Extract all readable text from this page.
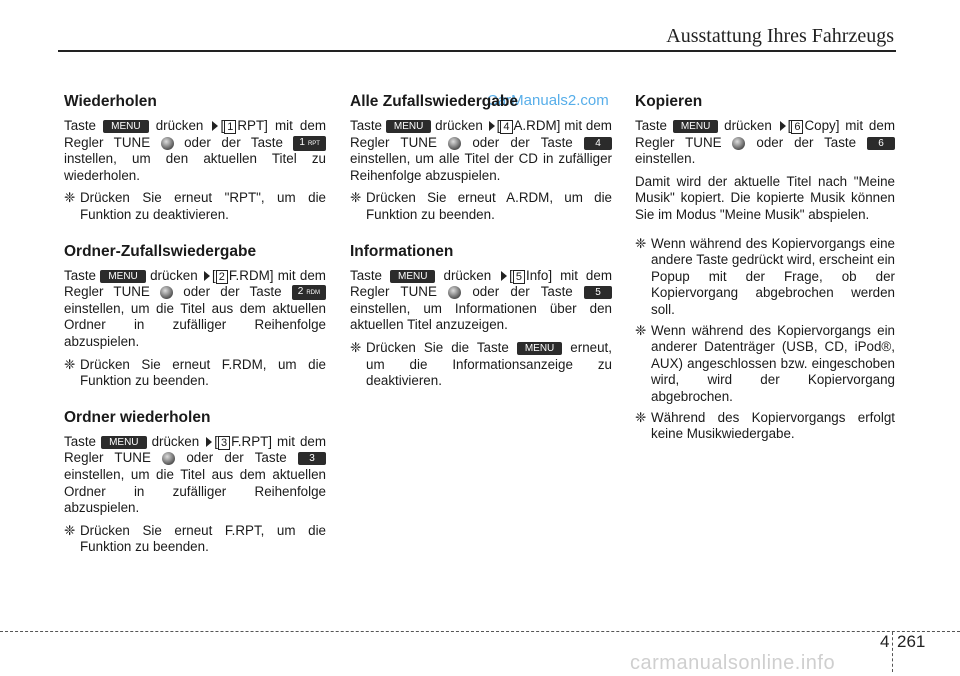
Ausstattung Ihres Fahrzeugs
CarManuals2.com
Wiederholen

Taste MENU drücken [ 1 RPT] mit dem Regler TUNE	oder der Taste 1 RPT instellen, um den aktuellen Titel zu wiederholen.

❈ Drücken Sie erneut "RPT", um die Funktion zu deaktivieren.
Ordner-Zufallswiedergabe

Taste MENU drücken [ 2 F.RDM] mit dem Regler TUNE oder der Taste 2 RDM einstellen, um die Titel aus dem aktuellen Ordner in zufälliger Reihenfolge abzuspielen.

❈ Drücken Sie erneut F.RDM, um die Funktion zu beenden.
Ordner wiederholen

Taste MENU drücken [ 3 F.RPT] mit dem Regler TUNE	oder der Taste 3 einstellen, um die Titel aus dem aktuellen Ordner in zufälliger Reihenfolge abzuspielen.

❈ Drücken Sie erneut F.RPT, um die Funktion zu beenden.
Alle Zufallswiedergabe

Taste MENU drücken [ 4 A.RDM] mit dem Regler TUNE	oder der Taste 4 einstellen, um alle Titel der CD in zufälliger Reihenfolge abzuspielen.

❈ Drücken Sie erneut A.RDM, um die Funktion zu beenden.
Informationen

Taste MENU drücken [ 5 Info] mit dem Regler TUNE	oder der Taste 5 einstellen, um Informationen über den aktuellen Titel anzuzeigen.

❈ Drücken Sie die Taste MENU erneut, um die Informationsanzeige zu deaktivieren.
Kopieren

Taste MENU drücken [ 6 Copy] mit dem Regler TUNE	oder der Taste 6 einstellen.

Damit wird der aktuelle Titel nach "Meine Musik" kopiert. Die kopierte Musik können Sie im Modus "Meine Musik" abspielen.

❈ Wenn während des Kopiervorgangs eine andere Taste gedrückt wird, erscheint ein Popup mit der Frage, ob der Kopiervorgang abgebrochen werden soll.
❈ Wenn während des Kopiervorgangs ein anderer Datenträger (USB, CD, iPod®, AUX) angeschlossen bzw. eingeschoben wird, wird der Kopiervorgang abgebrochen.
❈ Während des Kopiervorgangs erfolgt keine Musikwiedergabe.
4 261
carmanualsonline.info
